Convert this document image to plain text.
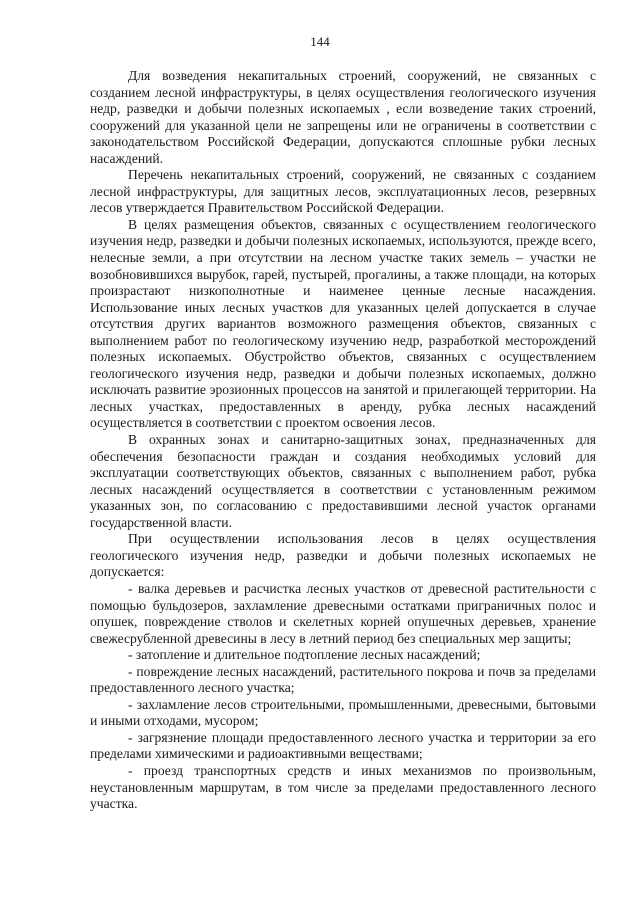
144

Для возведения некапитальных строений, сооружений, не связанных с созданием лесной инфраструктуры, в целях осуществления геологического изучения недр, разведки и добычи полезных ископаемых , если возведение таких строений, сооружений для указанной цели не запрещены или не ограничены в соответствии с законодательством Российской Федерации, допускаются сплошные рубки лесных насаждений.

Перечень некапитальных строений, сооружений, не связанных с созданием лесной инфраструктуры, для защитных лесов, эксплуатационных лесов, резервных лесов утверждается Правительством Российской Федерации.

В целях размещения объектов, связанных с осуществлением геологического изучения недр, разведки и добычи полезных ископаемых, используются, прежде всего, нелесные земли, а при отсутствии на лесном участке таких земель – участки не возобновившихся вырубок, гарей, пустырей, прогалины, а также площади, на которых произрастают низкополнотные и наименее ценные лесные насаждения. Использование иных лесных участков для указанных целей допускается в случае отсутствия других вариантов возможного размещения объектов, связанных с выполнением работ по геологическому изучению недр, разработкой месторождений полезных ископаемых. Обустройство объектов, связанных с осуществлением геологического изучения недр, разведки и добычи полезных ископаемых, должно исключать развитие эрозионных процессов на занятой и прилегающей территории. На лесных участках, предоставленных в аренду, рубка лесных насаждений осуществляется в соответствии с проектом освоения лесов.

В охранных зонах и санитарно-защитных зонах, предназначенных для обеспечения безопасности граждан и создания необходимых условий для эксплуатации соответствующих объектов, связанных с выполнением работ, рубка лесных насаждений осуществляется в соответствии с установленным режимом указанных зон, по согласованию с предоставившими лесной участок органами государственной власти.

При осуществлении использования лесов в целях осуществления геологического изучения недр, разведки и добычи полезных ископаемых не допускается:

- валка деревьев и расчистка лесных участков от древесной растительности с помощью бульдозеров, захламление древесными остатками приграничных полос и опушек, повреждение стволов и скелетных корней опушечных деревьев, хранение свежесрубленной древесины в лесу в летний период без специальных мер защиты;

- затопление и длительное подтопление лесных насаждений;

- повреждение лесных насаждений, растительного покрова и почв за пределами предоставленного лесного участка;

- захламление лесов строительными, промышленными, древесными, бытовыми и иными отходами, мусором;

- загрязнение площади предоставленного лесного участка и территории за его пределами химическими и радиоактивными веществами;

- проезд транспортных средств и иных механизмов по произвольным, неустановленным маршрутам, в том числе за пределами предоставленного лесного участка.
